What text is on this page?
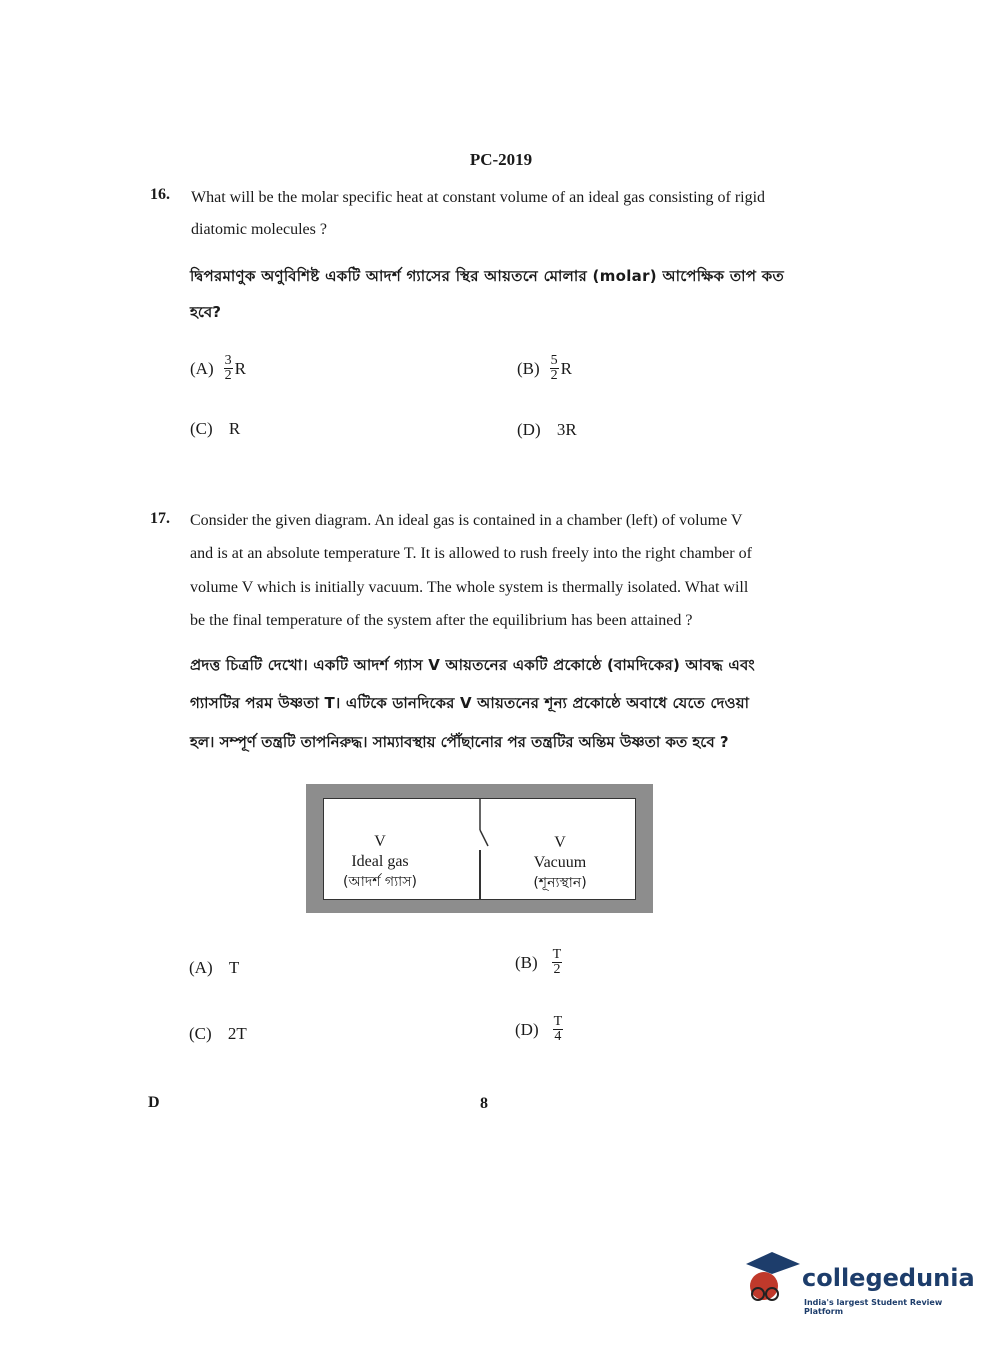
PC-2019
16. What will be the molar specific heat at constant volume of an ideal gas consisting of rigid
diatomic molecules ?
দ্বিপরমাণুক অণুবিশিষ্ট একটি আদর্শ গ্যাসের স্থির আয়তনে মোলার (molar) আপেক্ষিক তাপ কত
হবে?
$(A) \frac{3}{2}$ R	$(B) \frac{5}{2}$ R
(C) R	(D) 3R
17. Consider the given diagram. An ideal gas is contained in a chamber (left) of volume V
and is at an absolute temperature T. It is allowed to rush freely into the right chamber of
volume V which is initially vacuum. The whole system is thermally isolated. What will
be the final temperature of the system after the equilibrium has been attained ?
প্রদত্ত চিত্রটি দেখো। একটি আদর্শ গ্যাস V আয়তনের একটি প্রকোষ্ঠে (বামদিকের) আবদ্ধ এবং
গ্যাসটির পরম উষ্ণতা T। এটিকে ডানদিকের V আয়তনের শূন্য প্রকোষ্ঠে অবাধে যেতে দেওয়া
হল। সম্পূর্ণ তন্ত্রটি তাপনিরুদ্ধ। সাম্যাবস্থায় পৌঁছানোর পর তন্ত্রটির অন্তিম উষ্ণতা কত হবে ?
V
Ideal gas
(আদর্শ গ্যাস)
V
Vacuum
(শূন্যস্থান)
(A) T	$(B) \frac{T}{2}$
(C) 2T	$(D) \frac{T}{4}$
D	8
collegedunia
India's largest Student Review Platform
